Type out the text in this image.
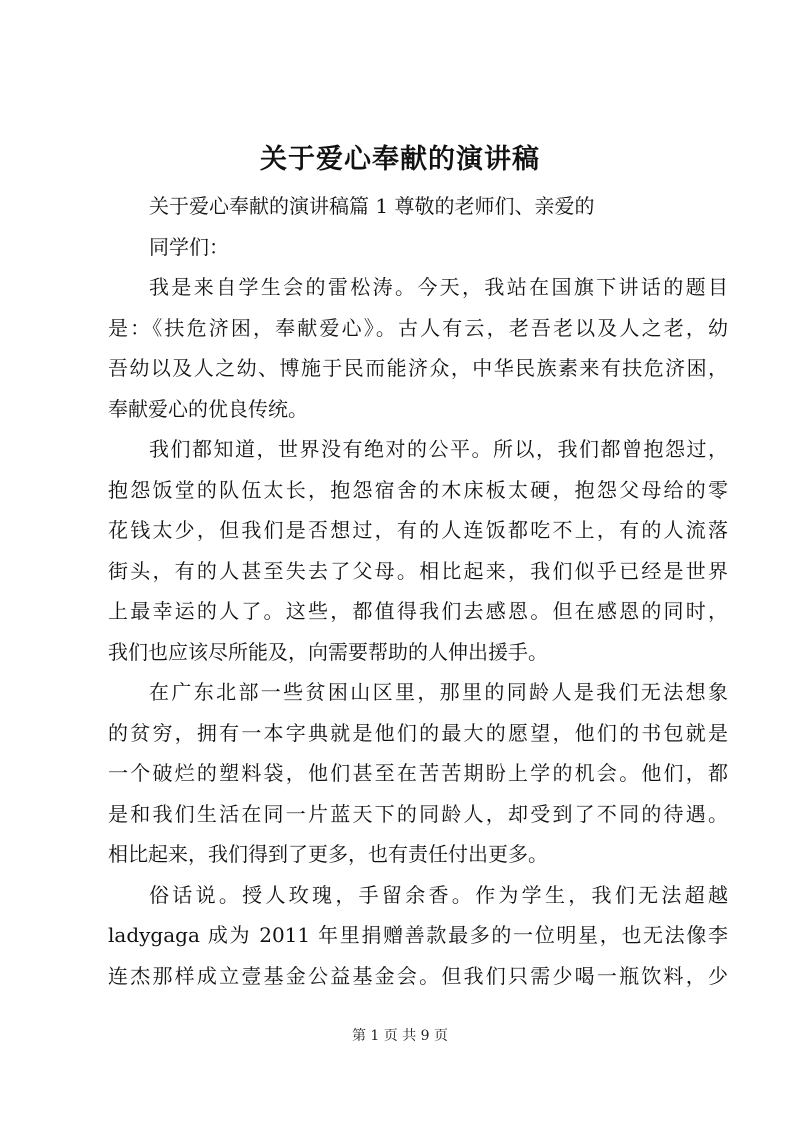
关于爱心奉献的演讲稿
关于爱心奉献的演讲稿篇 1 尊敬的老师们、亲爱的
同学们：
我是来自学生会的雷松涛。今天，我站在国旗下讲话的题目
是：《扶危济困，奉献爱心》。古人有云，老吾老以及人之老，幼
吾幼以及人之幼、博施于民而能济众，中华民族素来有扶危济困，
奉献爱心的优良传统。
我们都知道，世界没有绝对的公平。所以，我们都曾抱怨过，
抱怨饭堂的队伍太长，抱怨宿舍的木床板太硬，抱怨父母给的零
花钱太少，但我们是否想过，有的人连饭都吃不上，有的人流落
街头，有的人甚至失去了父母。相比起来，我们似乎已经是世界
上最幸运的人了。这些，都值得我们去感恩。但在感恩的同时，
我们也应该尽所能及，向需要帮助的人伸出援手。
在广东北部一些贫困山区里，那里的同龄人是我们无法想象
的贫穷，拥有一本字典就是他们的最大的愿望，他们的书包就是
一个破烂的塑料袋，他们甚至在苦苦期盼上学的机会。他们，都
是和我们生活在同一片蓝天下的同龄人，却受到了不同的待遇。
相比起来，我们得到了更多，也有责任付出更多。
俗话说。授人玫瑰，手留余香。作为学生，我们无法超越
ladygaga 成为 2011 年里捐赠善款最多的一位明星，也无法像李
连杰那样成立壹基金公益基金会。但我们只需少喝一瓶饮料，少
第 1 页 共 9 页
